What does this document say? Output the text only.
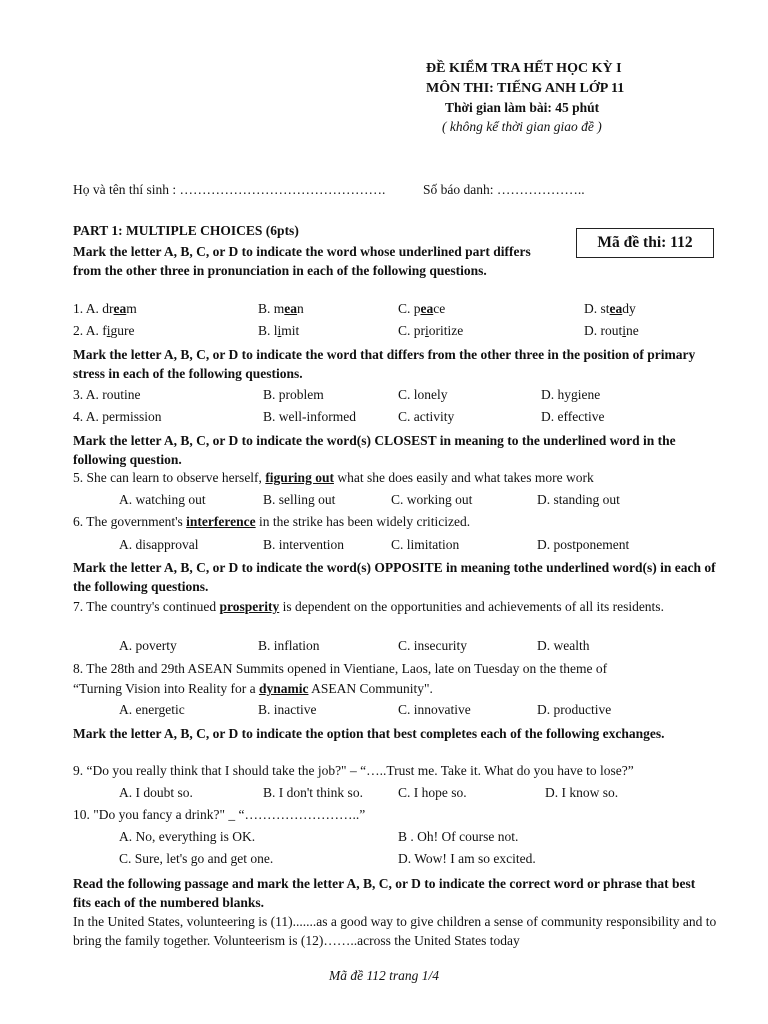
ĐỀ KIỂM TRA HẾT HỌC KỲ I
MÔN THI: TIẾNG ANH LỚP 11
Thời gian làm bài: 45 phút
( không kể thời gian giao đề )
Họ và tên thí sinh : ……………………………………….	Số báo danh: ………………..
Mã đề thi: 112
PART 1: MULTIPLE CHOICES (6pts)
Mark the letter A, B, C, or D to indicate the word whose underlined part differs from the other three in pronunciation in each of the following questions.
1. A. dream	B. mean	C. peace	D. steady
2. A. figure	B. limit	C. prioritize	D. routine
Mark the letter A, B, C, or D to indicate the word that differs from the other three in the position of primary stress in each of the following questions.
3. A. routine	B. problem	C. lonely	D. hygiene
4. A. permission	B. well-informed	C. activity	D. effective
Mark the letter A, B, C, or D to indicate the word(s) CLOSEST in meaning to the underlined word in the following question.
5. She can learn to observe herself, figuring out what she does easily and what takes more work
A. watching out	B. selling out	C. working out	D. standing out
6. The government's interference in the strike has been widely criticized.
A. disapproval	B. intervention	C. limitation	D. postponement
Mark the letter A, B, C, or D to indicate the word(s) OPPOSITE in meaning tothe underlined word(s) in each of the following questions.
7. The country's continued prosperity is dependent on the opportunities and achievements of all its residents.
A. poverty	B. inflation	C. insecurity	D. wealth
8. The 28th and 29th ASEAN Summits opened in Vientiane, Laos, late on Tuesday on the theme of
“Turning Vision into Reality for a dynamic ASEAN Community".
A. energetic	B. inactive	C. innovative	D. productive
Mark the letter A, B, C, or D to indicate the option that best completes each of the following exchanges.
9. “Do you really think that I should take the job?" – “…..Trust me. Take it. What do you have to lose?”
A. I doubt so.	B. I don't think so.	C. I hope so.	D. I know so.
10. "Do you fancy a drink?" _ “……………………..”
A. No, everything is OK.	B . Oh! Of course not.
C. Sure, let's go and get one.	D. Wow! I am so excited.
Read the following passage and mark the letter A, B, C, or D to indicate the correct word or phrase that best fits each of the numbered blanks.
In the United States, volunteering is (11).......as a good way to give children a sense of community responsibility and to bring the family together. Volunteerism is (12)……..across the United States today
Mã đề 112 trang 1/4
